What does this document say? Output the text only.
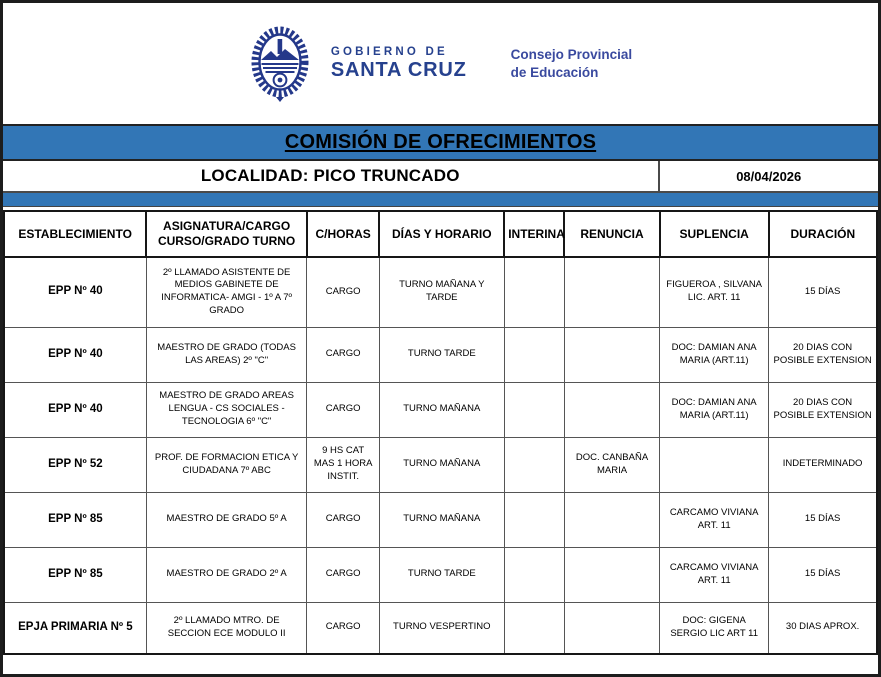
GOBIERNO DE
SANTA CRUZ
Consejo Provincial
de Educación
COMISIÓN DE OFRECIMIENTOS
LOCALIDAD: PICO TRUNCADO	08/04/2026
ESTABLECIMIENTO	ASIGNATURA/CARGO CURSO/GRADO TURNO	C/HORAS	DÍAS Y HORARIO	INTERINA	RENUNCIA	SUPLENCIA	DURACIÓN
EPP Nº 40	2º LLAMADO ASISTENTE DE MEDIOS GABINETE DE INFORMATICA- AMGI - 1º A 7º GRADO	CARGO	TURNO MAÑANA Y TARDE			FIGUEROA , SILVANA LIC. ART. 11	15 DÍAS
EPP Nº 40	MAESTRO DE GRADO (TODAS LAS AREAS) 2º "C"	CARGO	TURNO TARDE			DOC: DAMIAN ANA MARIA (ART.11)	20 DIAS CON POSIBLE EXTENSION
EPP Nº 40	MAESTRO DE GRADO AREAS LENGUA - CS SOCIALES - TECNOLOGIA 6º "C"	CARGO	TURNO MAÑANA			DOC: DAMIAN ANA MARIA (ART.11)	20 DIAS CON POSIBLE EXTENSION
EPP Nº 52	PROF. DE FORMACION ETICA Y CIUDADANA 7º ABC	9 HS CAT MAS 1 HORA INSTIT.	TURNO MAÑANA		DOC. CANBAÑA MARIA		INDETERMINADO
EPP Nº 85	MAESTRO DE GRADO 5º A	CARGO	TURNO MAÑANA			CARCAMO VIVIANA ART. 11	15 DÍAS
EPP Nº 85	MAESTRO DE GRADO 2º A	CARGO	TURNO TARDE			CARCAMO VIVIANA ART. 11	15 DÍAS
EPJA PRIMARIA Nº 5	2º LLAMADO MTRO. DE SECCION ECE MODULO II	CARGO	TURNO VESPERTINO			DOC: GIGENA SERGIO LIC ART 11	30 DIAS APROX.
